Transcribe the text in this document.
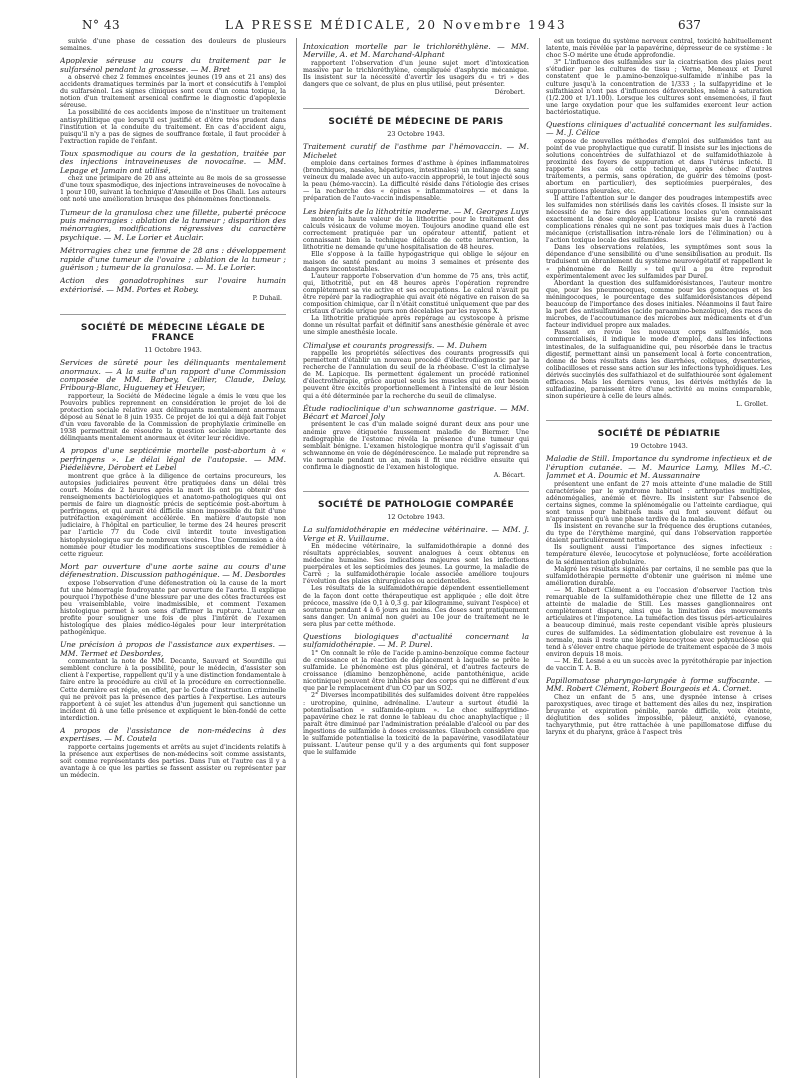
N° 43	LA PRESSE MÉDICALE, 20 Novembre 1943	637
suivie d'une phase de cessation des douleurs de plusieurs semaines.
Apoplexie séreuse au cours du traitement par le sulfarsénol pendant la grossesse. — M. Bret
a observé chez 2 femmes enceintes jeunes (19 ans et 21 ans) des accidents dramatiques terminés par la mort et consécutifs à l'emploi du sulfarsénol. Les signes cliniques sont ceux d'un coma toxique, la notion d'un traitement arsenical confirme le diagnostic d'apoplexie séreuse.
La possibilité de ces accidents impose de n'instituer un traitement antisyphilitique que lorsqu'il est justifié et d'être très prudent dans l'institution et la conduite du traitement. En cas d'accident aigu, puisqu'il n'y a pas de signes de souffrance fœtale, il faut procéder à l'extraction rapide de l'enfant.
Toux spasmodique au cours de la gestation, traitée par des injections intraveineuses de novocaïne. — MM. Lepage et Jamain ont utilisé,
chez une primipare de 20 ans atteinte au 8e mois de sa grossesse d'une toux spasmodique, des injections intraveineuses de novocaïne à 1 pour 100, suivant la technique d'Ameuille et Dos Ghali. Les auteurs ont noté une amélioration brusque des phénomènes fonctionnels.
Tumeur de la granulosa chez une fillette, puberté précoce puis ménorragies : ablation de la tumeur ; disparition des ménorragies, modifications régressives du caractère psychique. — M. Le Lorier et Auclair.
Métrorragies chez une femme de 28 ans : développement rapide d'une tumeur de l'ovaire ; ablation de la tumeur ; guérison ; tumeur de la granulosa. — M. Le Lorier.
Action des gonadotrophines sur l'ovaire humain extériorisé. — MM. Portes et Robey.
P. Duhail.
SOCIÉTÉ DE MÉDECINE LÉGALE DE FRANCE
11 Octobre 1943.
Services de sûreté pour les délinquants mentalement anormaux. — A la suite d'un rapport d'une Commission composée de MM. Barbey, Ceillier, Claude, Delay, Fribourg-Blanc, Hugueney et Heuyer,
rapporteur, la Société de Médecine légale a émis le vœu que les Pouvoirs publics reprennent en considération le projet de loi de protection sociale relative aux délinquants mentalement anormaux déposé au Sénat le 8 juin 1935. Ce projet de loi qui a déjà fait l'objet d'un vœu favorable de la Commission de prophylaxie criminelle en 1938 permettrait de résoudre la question sociale importante des délinquants mentalement anormaux et éviter leur récidive.
A propos d'une septicémie mortelle post-abortum à « perfringens ». Le délai légal de l'autopsie. — MM. Piédelièvre, Dérobert et Lebel
montrent que grâce à la diligence de certains procureurs, les autopsies judiciaires peuvent être pratiquées dans un délai très court. Moins de 2 heures après la mort ils ont pu obtenir des renseignements bactériologiques et anatomo-pathologiques qui ont permis de faire un diagnostic précis de septicémie post-abortum à perfringens, et qui aurait été difficile sinon impossible du fait d'une putréfaction exagérément accélérée. En matière d'autopsie non judiciaire, à l'hôpital en particulier, le terme des 24 heures prescrit par l'article 77 du Code civil interdit toute investigation histophysiologique sur de nombreux viscères. Une Commission a été nommée pour étudier les modifications susceptibles de remédier à cette rigueur.
Mort par ouverture d'une aorte saine au cours d'une défenestration. Discussion pathogénique. — M. Desbordes
expose l'observation d'une défenestration où la cause de la mort fut une hémorragie foudroyante par ouverture de l'aorte. Il explique pourquoi l'hypothèse d'une blessure par une des côtes fracturées est peu vraisemblable, voire inadmissible, et comment l'examen histologique permet à son sens d'affirmer la rupture. L'auteur en profite pour souligner une fois de plus l'intérêt de l'examen histologique des plaies médico-légales pour leur interprétation pathogénique.
Une précision à propos de l'assistance aux expertises. — MM. Termet et Desbordes,
commentant la note de MM. Decante, Sauvard et Sourdille qui semblent conclure à la possibilité, pour le médecin, d'assister son client à l'expertise, rappellent qu'il y a une distinction fondamentale à faire entre la procédure au civil et la procédure en correctionnelle. Cette dernière est régie, en effet, par le Code d'instruction criminelle qui ne prévoit pas la présence des parties à l'expertise. Les auteurs rapportent à ce sujet les attendus d'un jugement qui sanctionne un incident dû à une telle présence et expliquent le bien-fondé de cette interdiction.
A propos de l'assistance de non-médecins à des expertises. — M. Coutela
rapporte certains jugements et arrêts au sujet d'incidents relatifs à la présence aux expertises de non-médecins soit comme assistants, soit comme représentants des parties. Dans l'un et l'autre cas il y a avantage à ce que les parties se fassent assister ou représenter par un médecin.
Intoxication mortelle par le trichloréthylène. — MM. Merville, A. et M. Marchand-Alphant
rapportent l'observation d'un jeune sujet mort d'intoxication massive par le trichloréthylène, compliquée d'asphyxie mécanique. Ils insistent sur la nécessité d'avertir les usagers du « tri » des dangers que ce solvant, de plus en plus utilisé, peut présenter.
Dérobert.
SOCIÉTÉ DE MÉDECINE DE PARIS
23 Octobre 1943.
Traitement curatif de l'asthme par l'hémovaccin. — M. Michelet
emploie dans certaines formes d'asthme à épines inflammatoires (bronchiques, nasales, hépatiques, intestinales) un mélange du sang veineux du malade avec un auto-vaccin approprié, le tout injecté sous la peau (hémo-vaccin). La difficulté réside dans l'étiologie des crises — la recherche des « épines » inflammatoires — et dans la préparation de l'auto-vaccin indispensable.
Les bienfaits de la lithotritie moderne. — M. Georges Luys
montre la haute valeur de la lithotritie pour le traitement des calculs vésicaux de volume moyen. Toujours anodine quand elle est correctement pratiquée par un opérateur attentif, patient et connaissant bien la technique délicate de cette intervention, la lithotritie ne demande qu'une hospitalisation de 48 heures.
Elle s'oppose à la taille hypogastrique qui oblige le séjour en maison de santé pendant au moins 3 semaines et présente des dangers incontestables.
L'auteur rapporte l'observation d'un homme de 75 ans, très actif, qui, lithotritié, put en 48 heures après l'opération reprendre complètement sa vie active et ses occupations. Le calcul n'avait pu être repéré par la radiographie qui avait été négative en raison de sa composition chimique, car il n'était constitué uniquement que par des cristaux d'acide urique purs non décelables par les rayons X.
La lithotritie pratiquée après repérage au cystoscope à prisme donne un résultat parfait et définitif sans anesthésie générale et avec une simple anesthésie locale.
Climalyse et courants progressifs. — M. Duhem
rappelle les propriétés sélectives des courants progressifs qui permettent d'établir un nouveau procédé d'électrodiagnostic par la recherche de l'annulation du seuil de la rhéobase. C'est la climalyse de M. Lapicque. Ils permettent également un procédé rationnel d'électrothérapie, grâce auquel seuls les muscles qui en ont besoin peuvent être excités proportionnellement à l'intensité de leur lésion qui a été déterminée par la recherche du seuil de climalyse.
Étude radioclinique d'un schwannome gastrique. — MM. Bécart et Marcel Joly
présentent le cas d'un malade soigné durant deux ans pour une anémie grave étiquetée faussement maladie de Biermer. Une radiographie de l'estomac révéla la présence d'une tumeur qui semblait bénigne. L'examen histologique montra qu'il s'agissait d'un schwannome en voie de dégénérescence. Le malade put reprendre sa vie normale pendant un an, mais il fit une récidive ensuite qui confirma le diagnostic de l'examen histologique.
A. Bécart.
SOCIÉTÉ DE PATHOLOGIE COMPARÉE
12 Octobre 1943.
La sulfamidothérapie en médecine vétérinaire. — MM. J. Verge et R. Vuillaume.
En médecine vétérinaire, la sulfamidothérapie a donné des résultats appréciables, souvent analogues à ceux obtenus en médecine humaine. Ses indications majeures sont les infections puerpérales et les septicémies des jeunes. La gourme, la maladie de Carré ; la sulfamidothérapie locale associée améliore toujours l'évolution des plaies chirurgicales ou accidentelles.
Les résultats de la sulfamidothérapie dépendent essentiellement de la façon dont cette thérapeutique est appliquée ; elle doit être précoce, massive (de 0,1 à 0,3 g. par kilogramme, suivant l'espèce) et soutenue pendant 4 à 6 jours au moins. Ces doses sont pratiquement sans danger. Un animal non guéri au 10e jour de traitement ne le sera plus par cette méthode.
Questions biologiques d'actualité concernant la sulfamidothérapie. — M. P. Durel.
1° On connaît le rôle de l'acide p.amino-benzoïque comme facteur de croissance et la réaction de déplacement à laquelle se prête le sulfamide. Le phénomène est plus général, et d'autres facteurs de croissance (diamino benzophénone, acide pantothénique, acide nicotinique) peuvent être inhibés par des corps qui ne diffèrent d'eux que par le remplacement d'un CO par un SO2.
2° Diverses incompatibilités des sulfamides doivent être rappelées : urotropine, quinine, adrénaline. L'auteur a surtout étudié la potentialisation « sulfamide-opium ». Le choc sulfapyridino-papavérine chez le rat donne le tableau du choc anaphylactique ; il paraît être diminué par l'administration préalable d'alcool ou par des ingestions de sulfamide à doses croissantes. Glauboch considère que le sulfamide potentialise la toxicité de la papavérine, vasodilatateur puissant. L'auteur pense qu'il y a des arguments qui font supposer que le sulfamide
est un toxique du système nerveux central, toxicité habituellement latente, mais révélée par la papavérine, dépresseur de ce système : le choc S-O mérite une étude approfondie.
3° L'influence des sulfamides sur la cicatrisation des plaies peut s'étudier par les cultures de tissu ; Verne, Meneaux et Durel constatent que le p.amino-benzoïque-sulfamide n'inhibe pas la culture jusqu'à la concentration de 1/333 ; la sulfapyridine et le sulfathiazol n'ont pas d'influences défavorables, même à saturation (1/2.200 et 1/1.100). Lorsque les cultures sont ensemencées, il faut une large oxydation pour que les sulfamides exercent leur action bactériostatique.
Questions cliniques d'actualité concernant les sulfamides. — M. J. Célice
expose de nouvelles méthodes d'emploi des sulfamides tant au point de vue prophylactique que curatif. Il insiste sur les injections de solutions concentrées de sulfathiazol et de sulfamidothiazole à proximité des foyers de suppuration et dans l'utérus infecté. Il rapporte les cas où cette technique, après échec d'autres traitements, a permis, sans opération, de guérir des témoins (post-abortum en particulier), des septicémies puerpérales, des suppurations pleurales, etc.
Il attire l'attention sur le danger des poudrages intempestifs avec les sulfamides non stérilisés dans les cavités closes. Il insiste sur la nécessité de ne faire des applications locales qu'en connaissant exactement la dose employée. L'auteur insiste sur la rareté des complications rénales qui ne sont pas toxiques mais dues à l'action mécanique (cristallisation intra-rénale lors de l'élimination) ou à l'action toxique locale des sulfamides.
Dans les observations relatées, les symptômes sont sous la dépendance d'une sensibilité ou d'une sensibilisation au produit. Ils traduisent un ébranlement du système neurovégétatif et rappellent le « phénomène de Reilly » tel qu'il a pu être reproduit expérimentalement avec les sulfamides par Durel.
Abordant la question des sulfamidorésistances, l'auteur montre que, pour les pneumocoques, comme pour les gonocoques et les méningocoques, le pourcentage des sulfamidorésistances dépend beaucoup de l'importance des doses initiales. Néanmoins il faut faire la part des antisulfamides (acide paraamino-benzoïque), des races de microbes, de l'accoutumance des microbes aux médicaments et d'un facteur individuel propre aux malades.
Passant en revue les nouveaux corps sulfamidés, non commercialisés, il indique le mode d'emploi, dans les infections intestinales, de la sulfaguanidine qui, peu résorbée dans le tractus digestif, permettant ainsi un pansement local à forte concentration, donne de bons résultats dans les diarrhées, coliques, dysenteries, colibacilloses et resse sans action sur les infections typhoïdiques. Les dérivés succinylés des sulfathiazol et de sulfathiourée sont également efficaces. Mais les derniers venus, les dérivés méthylés de la sulfadiazine, paraissent être d'une activité au moins comparable, sinon supérieure à celle de leurs aînés.
L. Grollet.
SOCIÉTÉ DE PÉDIATRIE
19 Octobre 1943.
Maladie de Still. Importance du syndrome infectieux et de l'éruption cutanée. — M. Maurice Lamy, Mlles M.-C. Jammet et A. Doumic et M. Aussannaire
présentent une enfant de 27 mois atteinte d'une maladie de Still caractérisée par le syndrome habituel : arthropaties multiples, adénomégalies, anémie et fièvre. Ils insistent sur l'absence de certains signes, comme la splénomégalie ou l'atteinte cardiaque, qui sont tenus pour habituels mais qui font souvent défaut ou n'apparaissent qu'à une phase tardive de la maladie.
Ils insistent en revanche sur la fréquence des éruptions cutanées, du type de l'érythème marginé, qui dans l'observation rapportée étaient particulièrement nettes.
Ils soulignent aussi l'importance des signes infectieux : température élevée, leucocytose et polynucléose, forte accélération de la sédimentation globulaire.
Malgré les résultats signalés par certains, il ne semble pas que la sulfamidothérapie permette d'obtenir une guérison ni même une amélioration durable.
— M. Robert Clément a eu l'occasion d'observer l'action très remarquable de la sulfamidothérapie chez une fillette de 12 ans atteinte de maladie de Still. Les masses ganglionnaires ont complètement disparu, ainsi que la limitation des mouvements articulaires et l'impotence. La tuméfaction des tissus péri-articulaires a beaucoup diminué, mais reste cependant visible après plusieurs cures de sulfamides. La sédimentation globulaire est revenue à la normale, mais il reste une légère leucocytose avec polynucléose qui tend à s'élever entre chaque période de traitement espacée de 3 mois environ depuis 18 mois.
— M. Ed. Lesné a eu un succès avec la pyrétothérapie par injection de vaccin T. A. B.
Papillomatose pharyngo-laryngée à forme suffocante. — MM. Robert Clément, Robert Bourgeois et A. Cornet.
Chez un enfant de 5 ans, une dyspnée intense à crises paroxystiques, avec tirage et battement des ailes du nez, inspiration bruyante et expiration pénible, parole difficile, voix éteinte, déglutition des solides impossible, pâleur, anxiété, cyanose, tachyarythmie, put être rattachée à une papillomatose diffuse du larynx et du pharynx, grâce à l'aspect très
